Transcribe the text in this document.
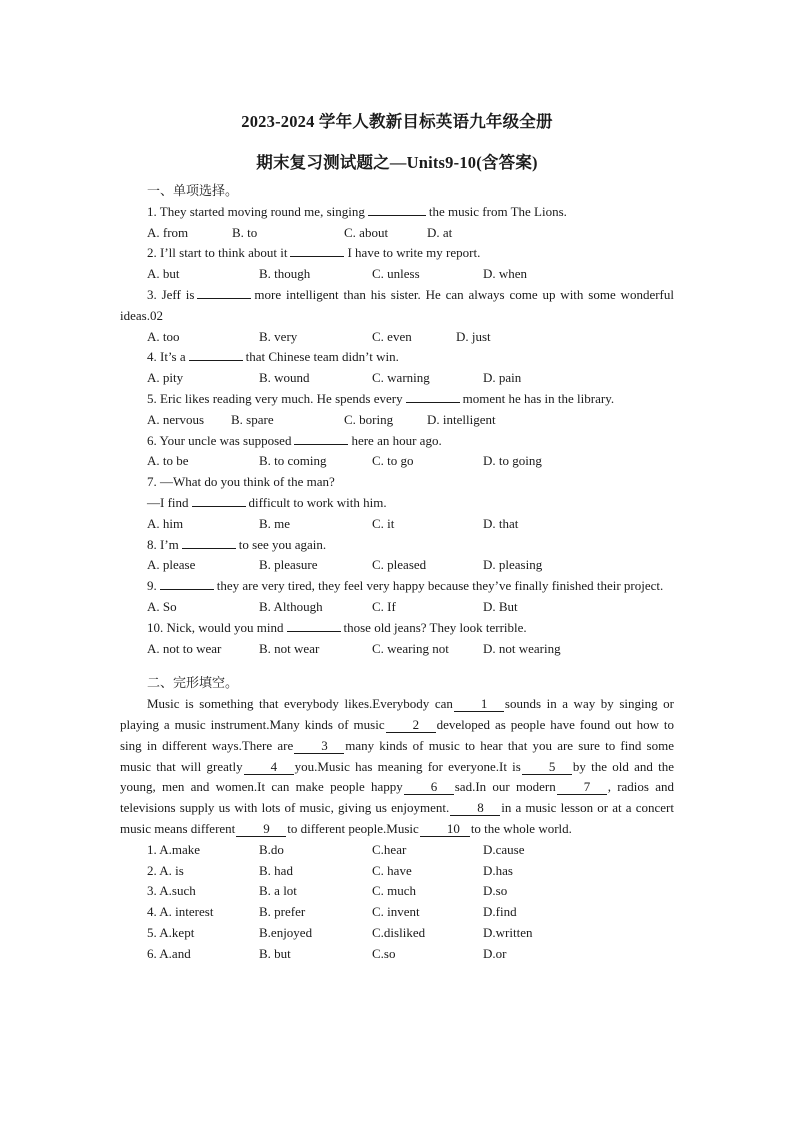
2023-2024 学年人教新目标英语九年级全册
期末复习测试题之—Units9-10(含答案)
一、单项选择。
1. They started moving round me, singing	the music from The Lions.
A. from	B. to	C. about	D. at
2. I’ll start to think about it	I have to write my report.
A. but	B. though	C. unless	D. when
3. Jeff is	more intelligent than his sister. He can always come up with some wonderful ideas.02
A. too	B. very	C. even	D. just
4. It’s a	that Chinese team didn’t win.
A. pity	B. wound	C. warning	D. pain
5. Eric likes reading very much. He spends every	moment he has in the library.
A. nervous B. spare	C. boring	D. intelligent
6. Your uncle was supposed	here an hour ago.
A. to be	B. to coming	C. to go	D. to going
7. —What do you think of the man?
—I find	difficult to work with him.
A. him	B. me	C. it	D. that
8. I’m	to see you again.
A. please	B. pleasure	C. pleased	D. pleasing
9.	they are very tired, they feel very happy because they’ve finally finished their project.
A. So	B. Although	C. If	D. But
10. Nick, would you mind	those old jeans? They look terrible.
A. not to wear	B. not wear	C. wearing not	D. not wearing
二、完形填空。
Music is something that everybody likes.Everybody can 1 sounds in a way by singing or playing a music instrument.Many kinds of music 2 developed as people have found out how to sing in different ways.There are 3 many kinds of music to hear that you are sure to find some music that will greatly 4 you.Music has meaning for everyone.It is 5 by the old and the young, men and women.It can make people happy 6 sad.In our modern 7 , radios and televisions supply us with lots of music, giving us enjoyment. 8 in a music lesson or at a concert music means different 9 to different people.Music 10 to the whole world.
1. A.make	B.do	C.hear	D.cause
2. A. is	B. had	C. have	D.has
3. A.such	B. a lot	C. much	D.so
4. A. interest	B. prefer	C. invent	D.find
5. A.kept	B.enjoyed	C.disliked	D.written
6. A.and	B. but	C.so	D.or
